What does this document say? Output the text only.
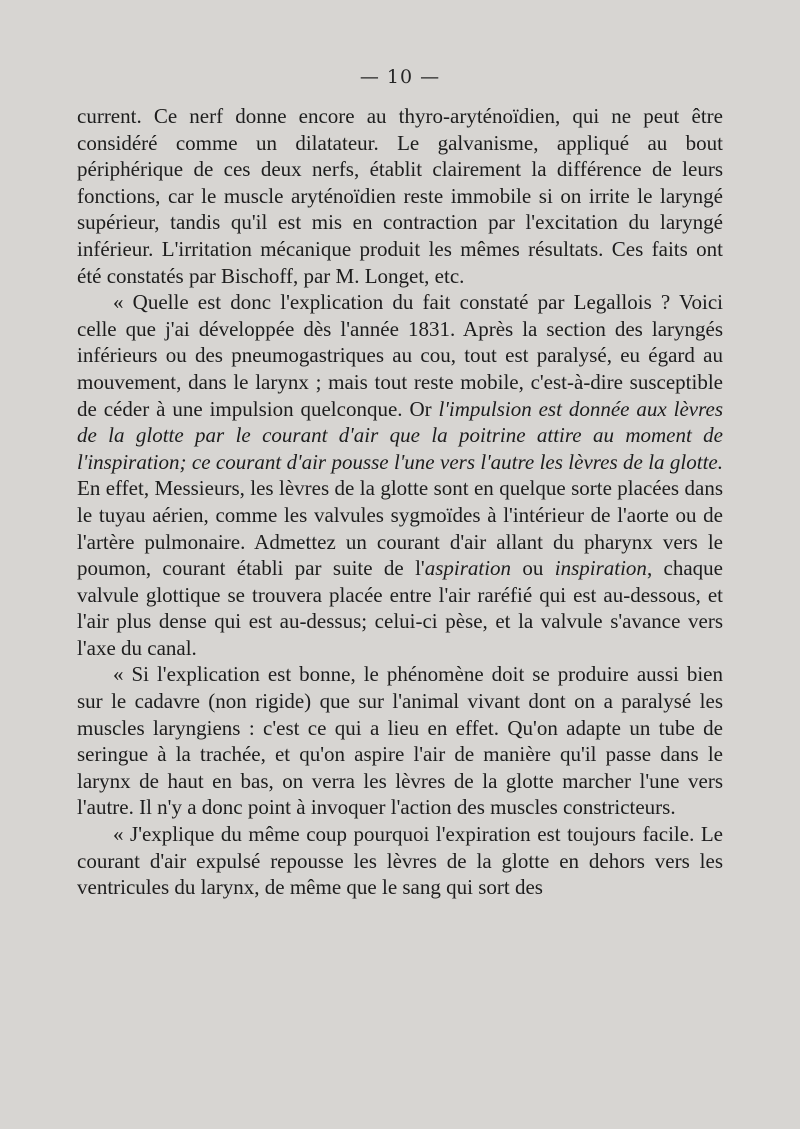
— 10 —

current. Ce nerf donne encore au thyro-aryténoïdien, qui ne peut être considéré comme un dilatateur. Le galvanisme, appliqué au bout périphérique de ces deux nerfs, établit clairement la différence de leurs fonctions, car le muscle aryténoïdien reste immobile si on irrite le laryngé supérieur, tandis qu'il est mis en contraction par l'excitation du laryngé inférieur. L'irritation mécanique produit les mêmes résultats. Ces faits ont été constatés par Bischoff, par M. Longet, etc.

« Quelle est donc l'explication du fait constaté par Legallois ? Voici celle que j'ai développée dès l'année 1831. Après la section des laryngés inférieurs ou des pneumogastriques au cou, tout est paralysé, eu égard au mouvement, dans le larynx ; mais tout reste mobile, c'est-à-dire susceptible de céder à une impulsion quelconque. Or l'impulsion est donnée aux lèvres de la glotte par le courant d'air que la poitrine attire au moment de l'inspiration; ce courant d'air pousse l'une vers l'autre les lèvres de la glotte. En effet, Messieurs, les lèvres de la glotte sont en quelque sorte placées dans le tuyau aérien, comme les valvules sygmoïdes à l'intérieur de l'aorte ou de l'artère pulmonaire. Admettez un courant d'air allant du pharynx vers le poumon, courant établi par suite de l'aspiration ou inspiration, chaque valvule glottique se trouvera placée entre l'air raréfié qui est au-dessous, et l'air plus dense qui est au-dessus; celui-ci pèse, et la valvule s'avance vers l'axe du canal.

« Si l'explication est bonne, le phénomène doit se produire aussi bien sur le cadavre (non rigide) que sur l'animal vivant dont on a paralysé les muscles laryngiens : c'est ce qui a lieu en effet. Qu'on adapte un tube de seringue à la trachée, et qu'on aspire l'air de manière qu'il passe dans le larynx de haut en bas, on verra les lèvres de la glotte marcher l'une vers l'autre. Il n'y a donc point à invoquer l'action des muscles constricteurs.

« J'explique du même coup pourquoi l'expiration est toujours facile. Le courant d'air expulsé repousse les lèvres de la glotte en dehors vers les ventricules du larynx, de même que le sang qui sort des
